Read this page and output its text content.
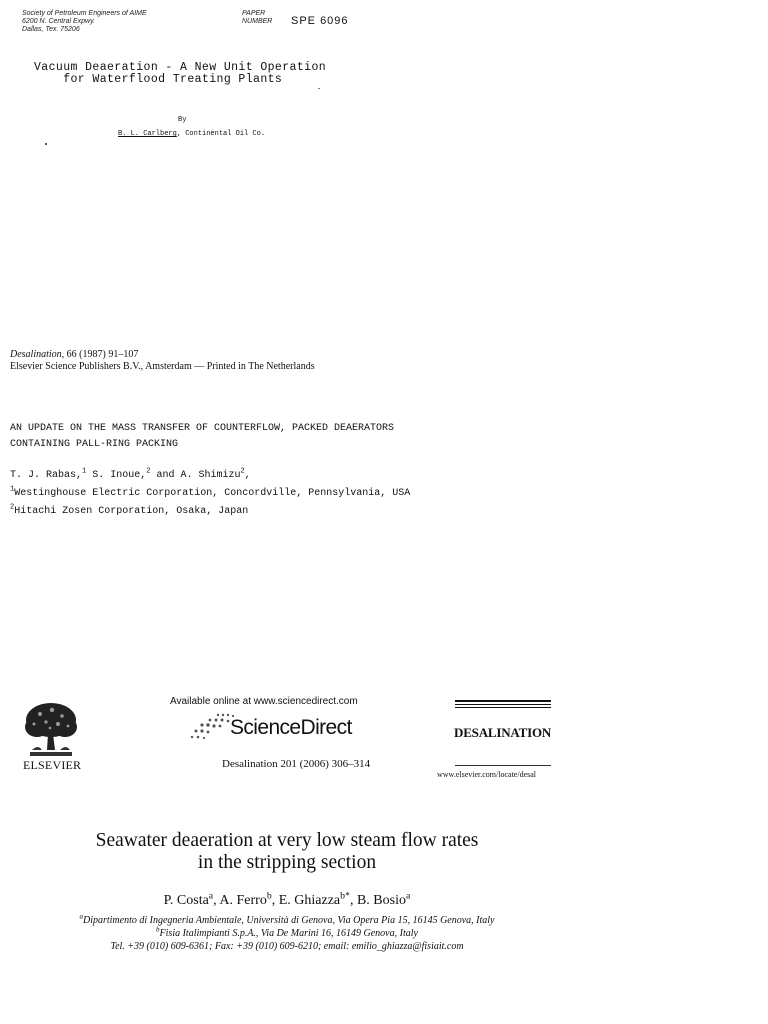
Society of Petroleum Engineers of AIME
6200 N. Central Expwy.
Dallas, Tex. 75206
PAPER
NUMBER SPE 6096
Vacuum Deaeration - A New Unit Operation
for Waterflood Treating Plants
By
B. L. Carlberg, Continental Oil Co.
Desalination, 66 (1987) 91–107
Elsevier Science Publishers B.V., Amsterdam — Printed in The Netherlands
AN UPDATE ON THE MASS TRANSFER OF COUNTERFLOW, PACKED DEAERATORS
CONTAINING PALL-RING PACKING
T. J. Rabas,$^1$ S. Inoue,$^2$ and A. Shimizu$^2$,
$^1$Westinghouse Electric Corporation, Concordville, Pennsylvania, USA
$^2$Hitachi Zosen Corporation, Osaka, Japan
ELSEVIER
Available online at www.sciencedirect.com
ScienceDirect
Desalination 201 (2006) 306–314
DESALINATION
www.elsevier.com/locate/desal
Seawater deaeration at very low steam flow rates
in the stripping section
P. Costa$^a$, A. Ferro$^b$, E. Ghiazza$^{b*}$, B. Bosio$^a$
$^a$Dipartimento di Ingegneria Ambientale, Università di Genova, Via Opera Pia 15, 16145 Genova, Italy
$^b$Fisia Italimpianti S.p.A., Via De Marini 16, 16149 Genova, Italy
Tel. +39 (010) 609-6361; Fax: +39 (010) 609-6210; email: emilio_ghiazza@fisiait.com
